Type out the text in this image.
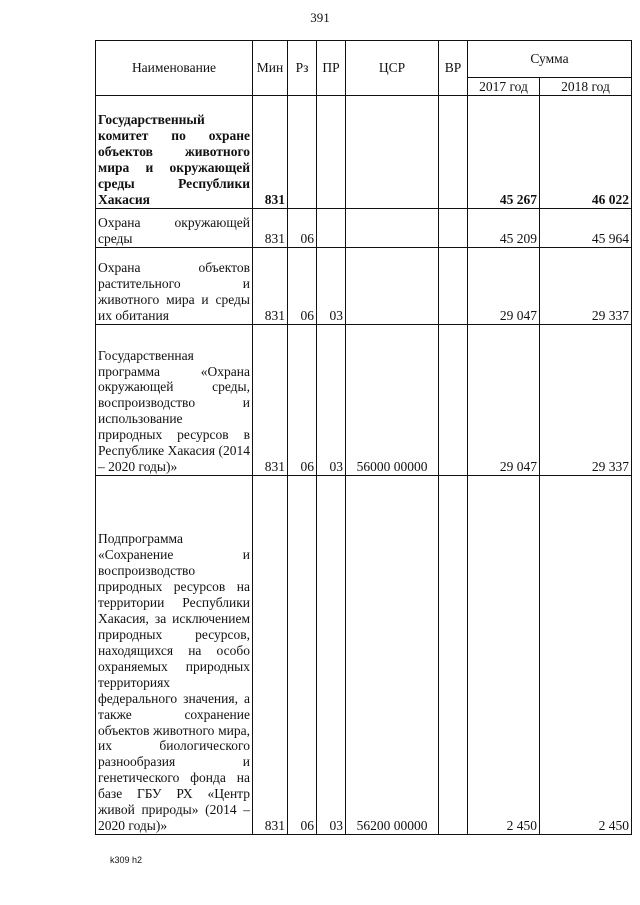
391
Наименование	Мин	Рз	ПР	ЦСР	ВР	Сумма	
						2017 год	2018 год
Государственный комитет по охране объектов животного мира и окружающей среды Республики Хакасия	831					45 267	46 022
Охрана окружающей среды	831	06				45 209	45 964
Охрана объектов растительного и животного мира и среды их обитания	831	06	03			29 047	29 337
Государственная программа «Охрана окружающей среды, воспроизводство и использование природных ресурсов в Республике Хакасия (2014 – 2020 годы)»	831	06	03	56000 00000		29 047	29 337
Подпрограмма «Сохранение и воспроизводство природных ресурсов на территории Республики Хакасия, за исключением природных ресурсов, находящихся на особо охраняемых природных территориях федерального значения, а также сохранение объектов животного мира, их биологического разнообразия и генетического фонда на базе ГБУ РХ «Центр живой природы» (2014 – 2020 годы)»	831	06	03	56200 00000		2 450	2 450
k309 h2
